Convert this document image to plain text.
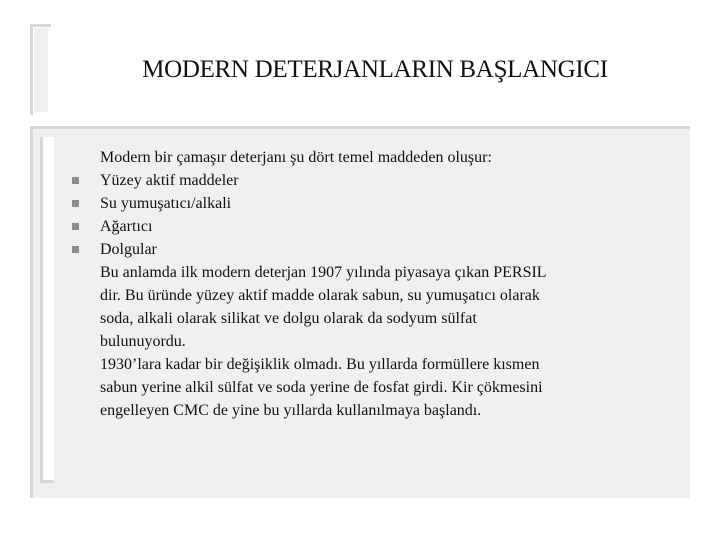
MODERN DETERJANLARIN BAŞLANGICI
Modern bir çamaşır deterjanı şu dört temel maddeden oluşur:
Yüzey aktif maddeler
Su yumuşatıcı/alkali
Ağartıcı
Dolgular
Bu anlamda ilk modern deterjan 1907 yılında piyasaya çıkan PERSIL
dir. Bu üründe yüzey aktif madde olarak sabun, su yumuşatıcı olarak
soda, alkali olarak silikat ve dolgu olarak da sodyum sülfat
bulunuyordu.
1930’lara kadar bir değişiklik olmadı. Bu yıllarda formüllere kısmen
sabun yerine alkil sülfat ve soda yerine de fosfat girdi. Kir çökmesini
engelleyen CMC de yine bu yıllarda kullanılmaya başlandı.
